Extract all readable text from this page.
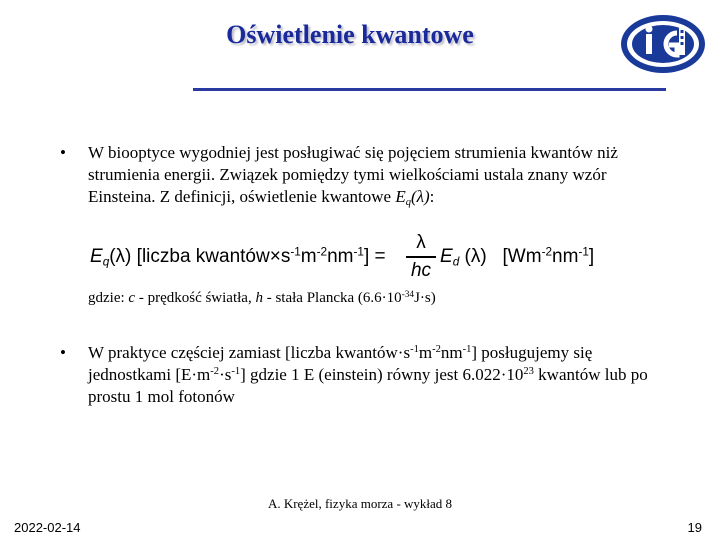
Oświetlenie kwantowe
• W biooptyce wygodniej jest posługiwać się pojęciem strumienia kwantów niż strumienia energii. Związek pomiędzy tymi wielkościami ustala znany wzór Einsteina. Z definicji, oświetlenie kwantowe $E_q(\lambda)$:
$E_q(\lambda)$ [liczba $kwantów\times s^{-1}m^{-2}nm^{-1}$] =
λ
hc
$E_d$ (λ)   $[Wm^{-2}nm^{-1}]$
gdzie: c - prędkość światła, h - stała Plancka $(6.6\cdot 10^{-34}J\cdot s)$
• W praktyce częściej zamiast [liczba $kwantów\cdot s^{-1}m^{-2}nm^{-1}$] posługujemy się jednostkami $[E\cdot m^{-2}\cdot s^{-1}]$ gdzie 1 E (einstein) równy jest $6.022\cdot 10^{23}$ kwantów lub po prostu 1 mol fotonów
A. Krężel, fizyka morza - wykład 8
2022-02-14	19
